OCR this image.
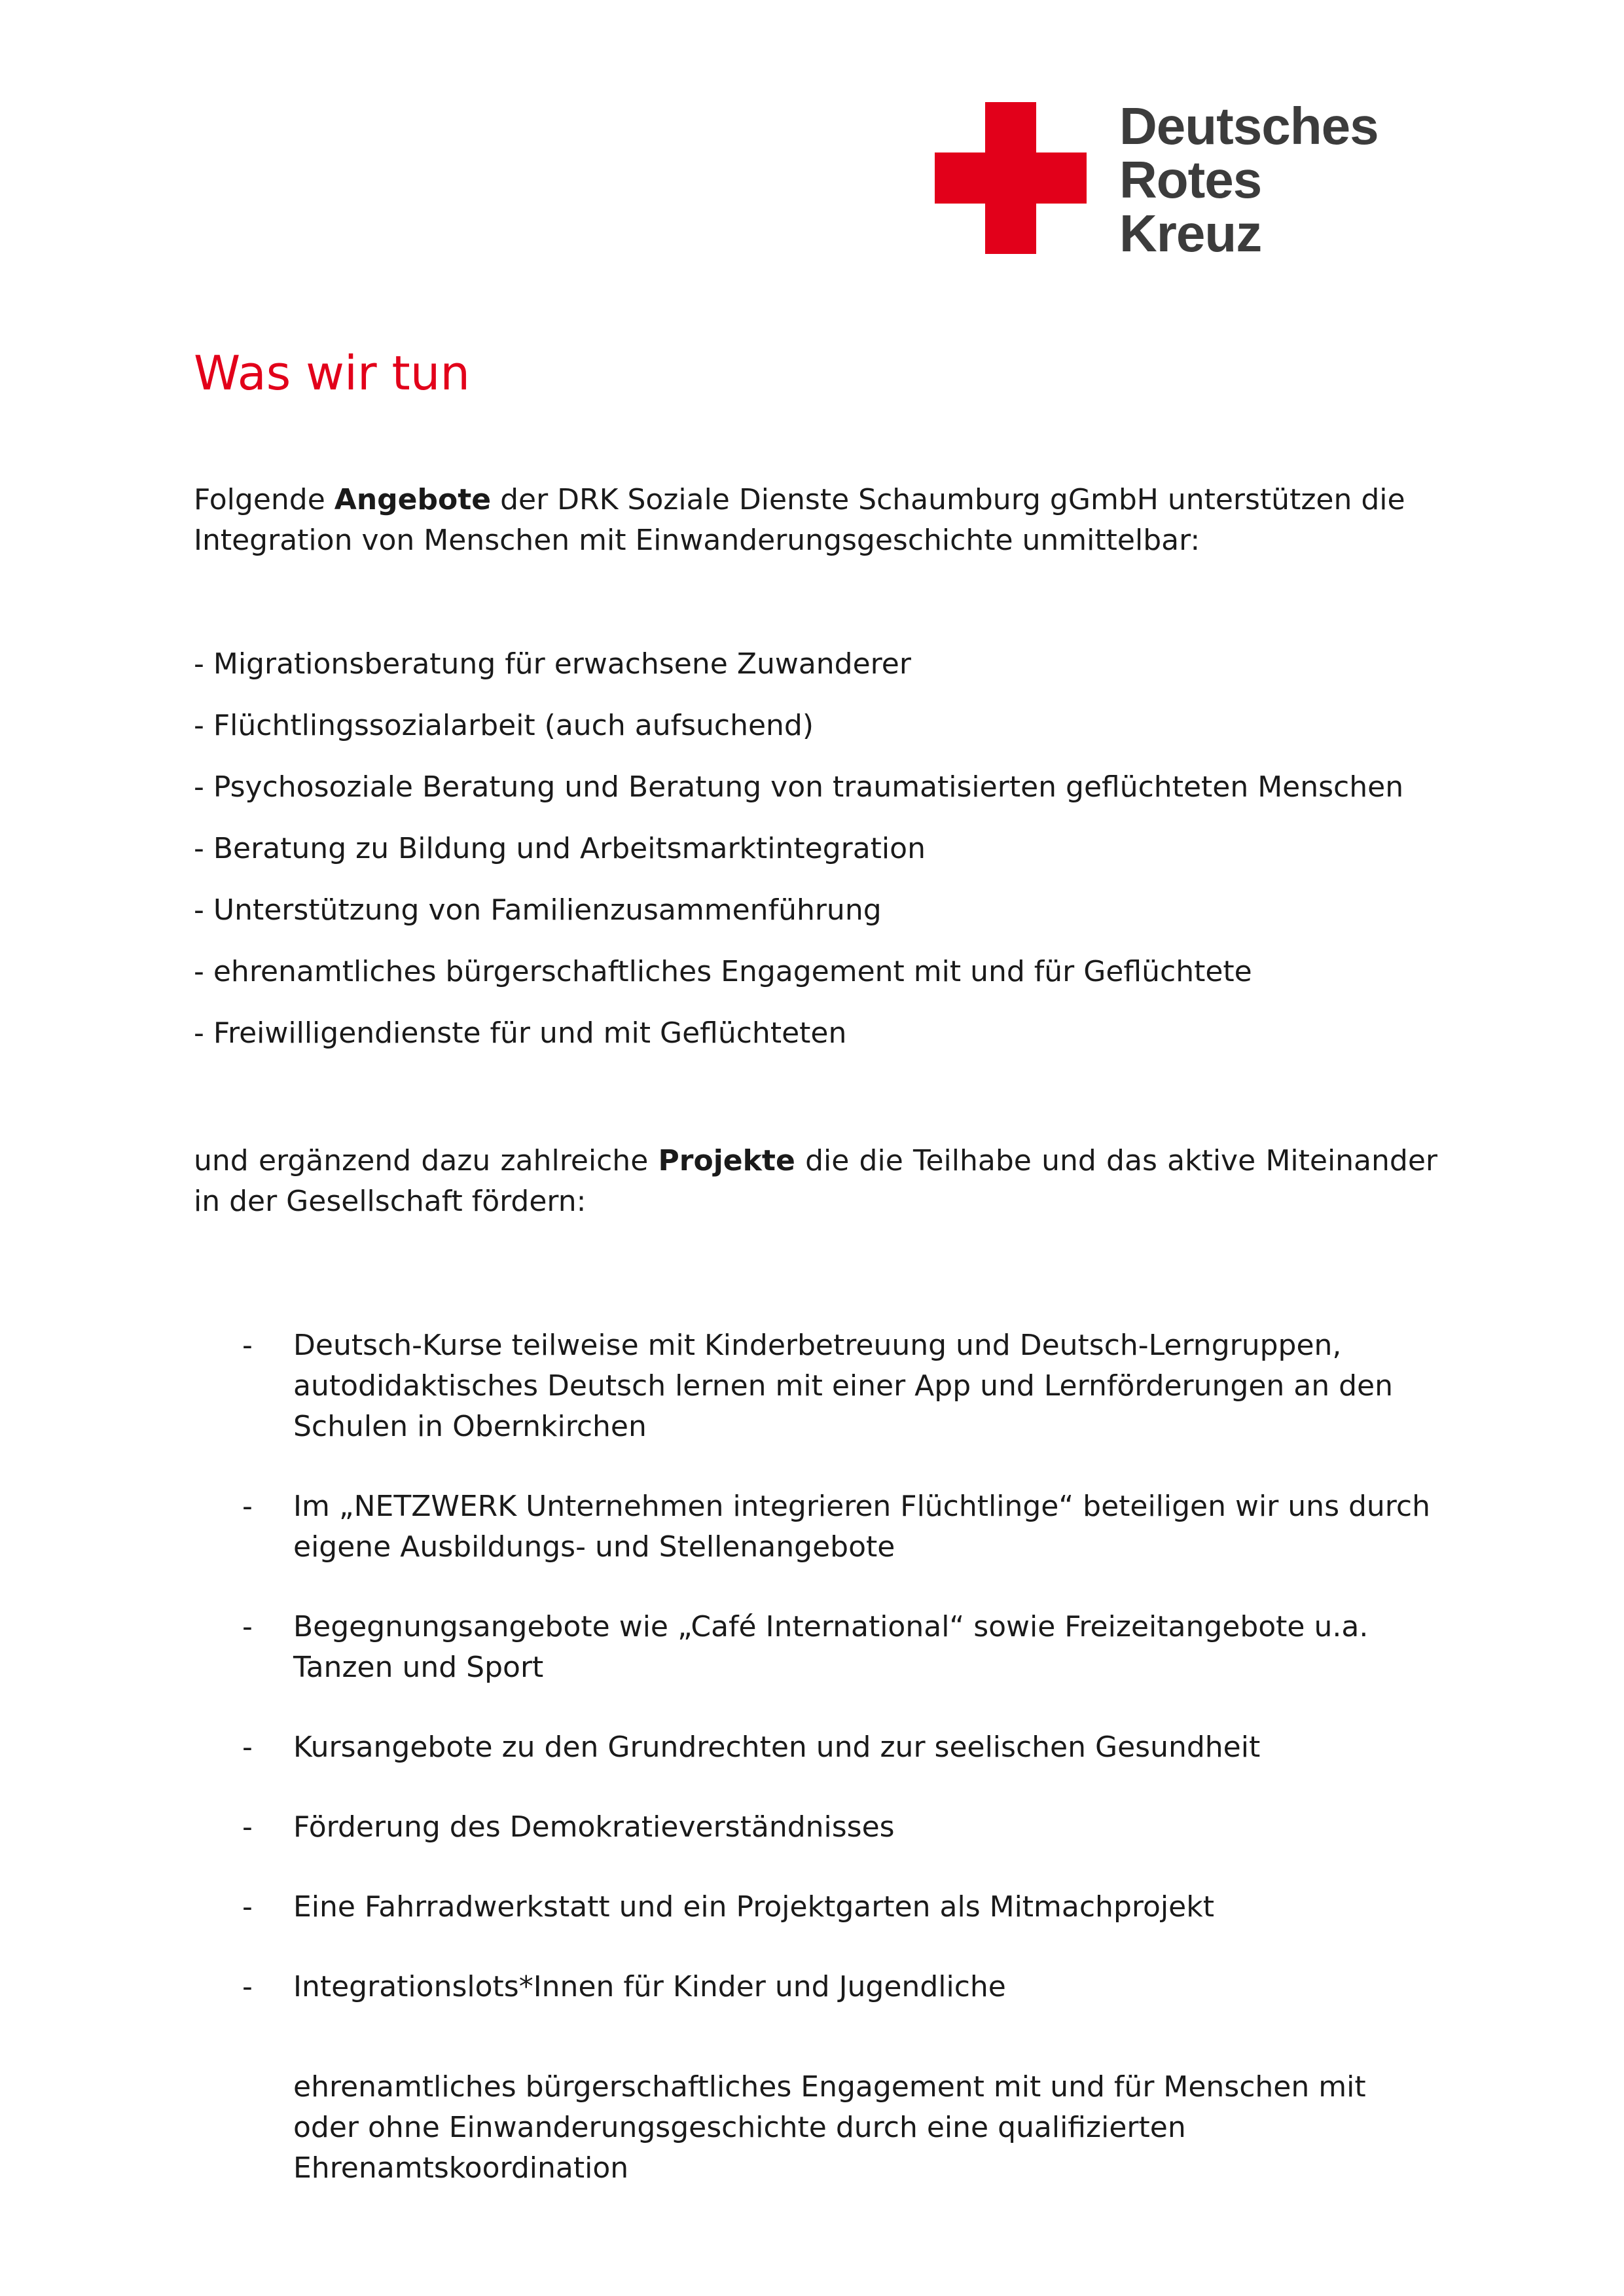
Deutsches
Rotes
Kreuz
Was wir tun
Folgende Angebote der DRK Soziale Dienste Schaumburg gGmbH unterstützen die Integration von Menschen mit Einwanderungsgeschichte unmittelbar:
- Migrationsberatung für erwachsene Zuwanderer
- Flüchtlingssozialarbeit (auch aufsuchend)
- Psychosoziale Beratung und Beratung von traumatisierten geflüchteten Menschen
- Beratung zu Bildung und Arbeitsmarktintegration
- Unterstützung von Familienzusammenführung
- ehrenamtliches bürgerschaftliches Engagement mit und für Geflüchtete
- Freiwilligendienste für und mit Geflüchteten
und ergänzend dazu zahlreiche Projekte die die Teilhabe und das aktive Miteinander in der Gesellschaft fördern:
- Deutsch-Kurse teilweise mit Kinderbetreuung und Deutsch-Lerngruppen, autodidaktisches Deutsch lernen mit einer App und Lernförderungen an den Schulen in Obernkirchen
- Im „NETZWERK Unternehmen integrieren Flüchtlinge“ beteiligen wir uns durch eigene Ausbildungs- und Stellenangebote
- Begegnungsangebote wie „Café International“ sowie Freizeitangebote u.a. Tanzen und Sport
- Kursangebote zu den Grundrechten und zur seelischen Gesundheit
- Förderung des Demokratieverständnisses
- Eine Fahrradwerkstatt und ein Projektgarten als Mitmachprojekt
- Integrationslots*Innen für Kinder und Jugendliche
ehrenamtliches bürgerschaftliches Engagement mit und für Menschen mit oder ohne Einwanderungsgeschichte durch eine qualifizierten Ehrenamtskoordination
